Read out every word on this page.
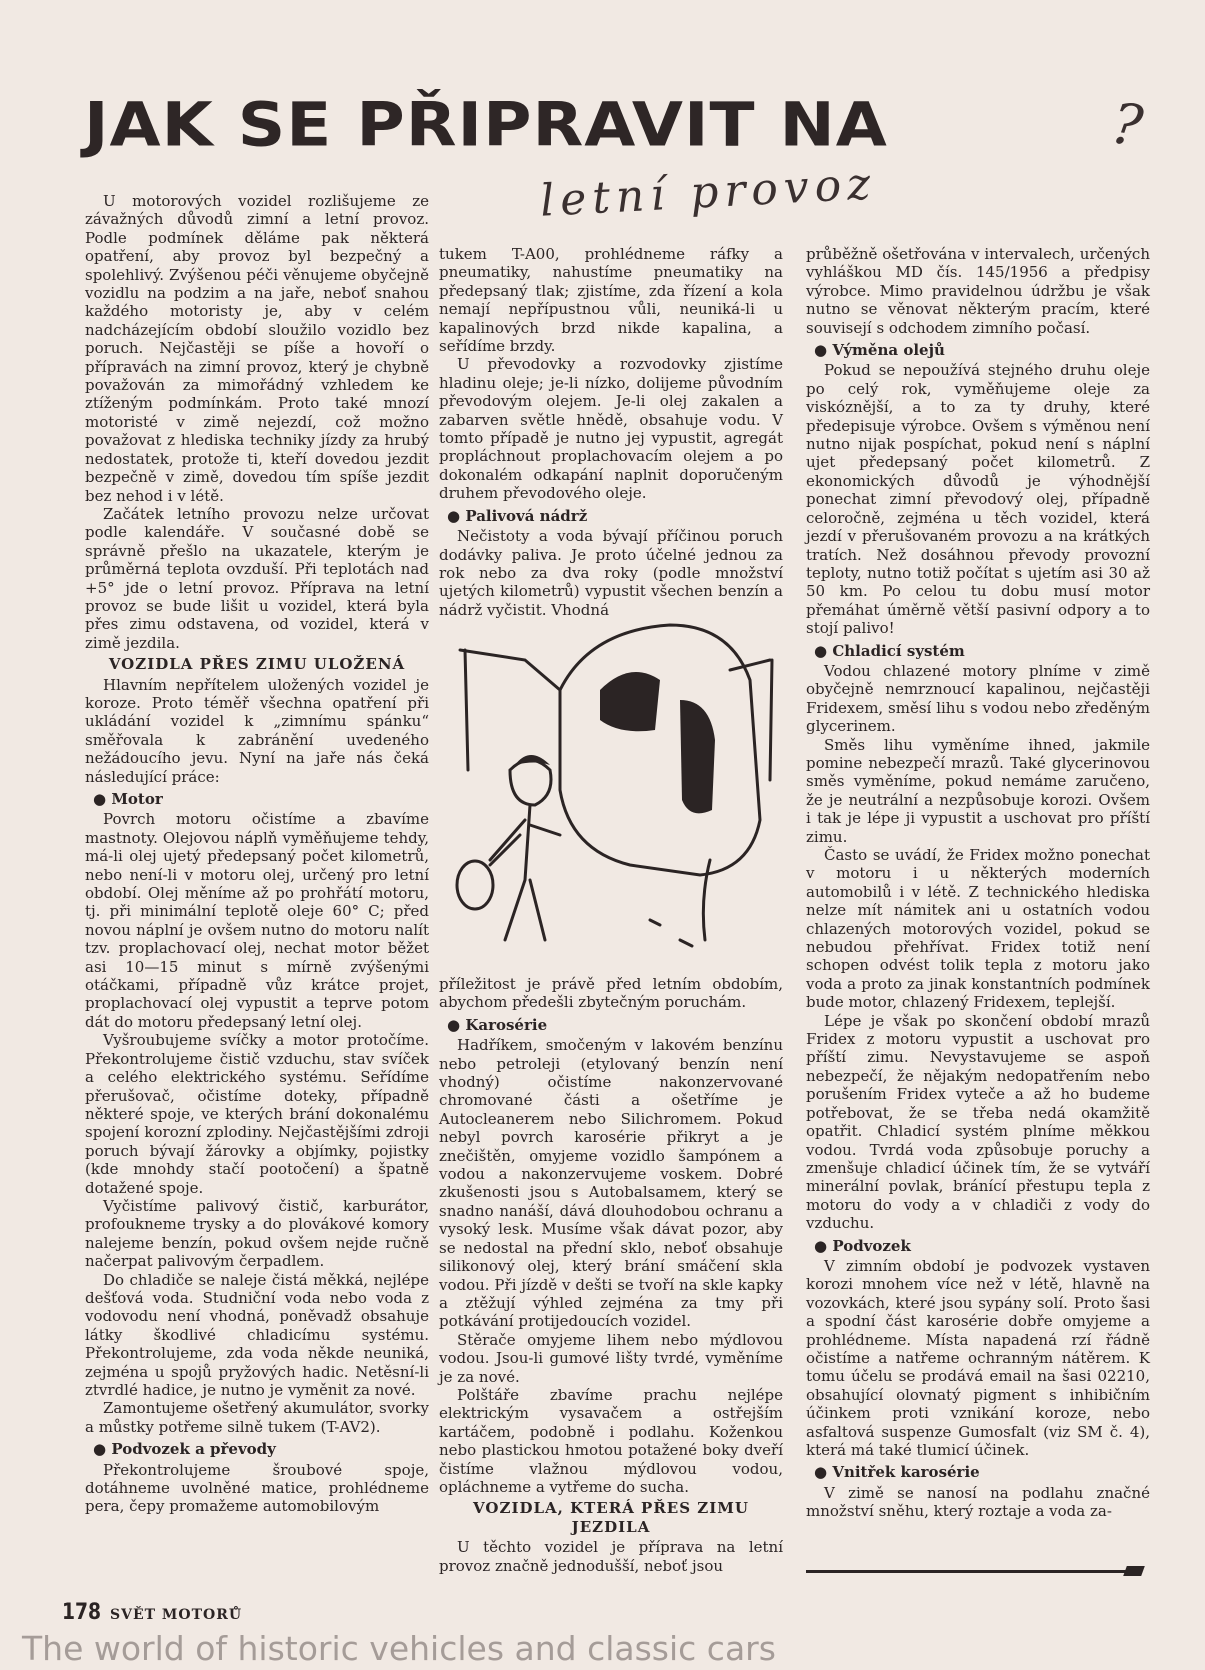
JAK SE PŘIPRAVIT NA
letní provoz
?

U motorových vozidel rozlišujeme ze závažných důvodů zimní a letní provoz. Podle podmínek děláme pak některá opatření, aby provoz byl bezpečný a spolehlivý. Zvýšenou péči věnujeme obyčejně vozidlu na podzim a na jaře, neboť snahou každého motoristy je, aby v celém nadcházejícím období sloužilo vozidlo bez poruch. Nejčastěji se píše a hovoří o přípravách na zimní provoz, který je chybně považován za mimořádný vzhledem ke ztíženým podmínkám. Proto také mnozí motoristé v zimě nejezdí, což možno považovat z hlediska techniky jízdy za hrubý nedostatek, protože ti, kteří dovedou jezdit bezpečně v zimě, dovedou tím spíše jezdit bez nehod i v létě.

Začátek letního provozu nelze určovat podle kalendáře. V současné době se správně přešlo na ukazatele, kterým je průměrná teplota ovzduší. Při teplotách nad +5° jde o letní provoz. Příprava na letní provoz se bude lišit u vozidel, která byla přes zimu odstavena, od vozidel, která v zimě jezdila.

VOZIDLA PŘES ZIMU ULOŽENÁ

Hlavním nepřítelem uložených vozidel je koroze. Proto téměř všechna opatření při ukládání vozidel k „zimnímu spánku“ směřovala k zabránění uvedeného nežádoucího jevu. Nyní na jaře nás čeká následující práce:

● Motor

Povrch motoru očistíme a zbavíme mastnoty. Olejovou náplň vyměňujeme tehdy, má-li olej ujetý předepsaný počet kilometrů, nebo není-li v motoru olej, určený pro letní období. Olej měníme až po prohřátí motoru, tj. při minimální teplotě oleje 60° C; před novou náplní je ovšem nutno do motoru nalít tzv. proplachovací olej, nechat motor běžet asi 10—15 minut s mírně zvýšenými otáčkami, případně vůz krátce projet, proplachovací olej vypustit a teprve potom dát do motoru předepsaný letní olej.

Vyšroubujeme svíčky a motor protočíme. Překontrolujeme čistič vzduchu, stav svíček a celého elektrického systému. Seřídíme přerušovač, očistíme doteky, případně některé spoje, ve kterých brání dokonalému spojení korozní zplodiny. Nejčastějšími zdroji poruch bývají žárovky a objímky, pojistky (kde mnohdy stačí pootočení) a špatně dotažené spoje.

Vyčistíme palivový čistič, karburátor, profoukneme trysky a do plovákové komory nalejeme benzín, pokud ovšem nejde ručně načerpat palivovým čerpadlem.

Do chladiče se naleje čistá měkká, nejlépe dešťová voda. Studniční voda nebo voda z vodovodu není vhodná, poněvadž obsahuje látky škodlivé chladicímu systému. Překontrolujeme, zda voda někde neuniká, zejména u spojů pryžových hadic. Netěsní-li ztvrdlé hadice, je nutno je vyměnit za nové.

Zamontujeme ošetřený akumulátor, svorky a můstky potřeme silně tukem (T-AV2).

● Podvozek a převody

Překontrolujeme šroubové spoje, dotáhneme uvolněné matice, prohlédneme pera, čepy promažeme automobilovým

tukem T-A00, prohlédneme ráfky a pneumatiky, nahustíme pneumatiky na předepsaný tlak; zjistíme, zda řízení a kola nemají nepřípustnou vůli, neuniká-li u kapalinových brzd nikde kapalina, a seřídíme brzdy.

U převodovky a rozvodovky zjistíme hladinu oleje; je-li nízko, dolijeme původním převodovým olejem. Je-li olej zakalen a zabarven světle hnědě, obsahuje vodu. V tomto případě je nutno jej vypustit, agregát propláchnout proplachovacím olejem a po dokonalém odkapání naplnit doporučeným druhem převodového oleje.

● Palivová nádrž

Nečistoty a voda bývají příčinou poruch dodávky paliva. Je proto účelné jednou za rok nebo za dva roky (podle množství ujetých kilometrů) vypustit všechen benzín a nádrž vyčistit. Vhodná

příležitost je právě před letním obdobím, abychom předešli zbytečným poruchám.

● Karosérie

Hadříkem, smočeným v lakovém benzínu nebo petroleji (etylovaný benzín není vhodný) očistíme nakonzervované chromované části a ošetříme je Autocleanerem nebo Silichromem. Pokud nebyl povrch karosérie přikryt a je znečištěn, omyjeme vozidlo šampónem a vodou a nakonzervujeme voskem. Dobré zkušenosti jsou s Autobalsamem, který se snadno nanáší, dává dlouhodobou ochranu a vysoký lesk. Musíme však dávat pozor, aby se nedostal na přední sklo, neboť obsahuje silikonový olej, který brání smáčení skla vodou. Při jízdě v dešti se tvoří na skle kapky a ztěžují výhled zejména za tmy při potkávání protijedoucích vozidel.

Stěrače omyjeme lihem nebo mýdlovou vodou. Jsou-li gumové lišty tvrdé, vyměníme je za nové.

Polštáře zbavíme prachu nejlépe elektrickým vysavačem a ostřejším kartáčem, podobně i podlahu. Koženkou nebo plastickou hmotou potažené boky dveří čistíme vlažnou mýdlovou vodou, opláchneme a vytřeme do sucha.

VOZIDLA, KTERÁ PŘES ZIMU JEZDILA

U těchto vozidel je příprava na letní provoz značně jednodušší, neboť jsou

průběžně ošetřována v intervalech, určených vyhláškou MD čís. 145/1956 a předpisy výrobce. Mimo pravidelnou údržbu je však nutno se věnovat některým pracím, které souvisejí s odchodem zimního počasí.

● Výměna olejů

Pokud se nepoužívá stejného druhu oleje po celý rok, vyměňujeme oleje za viskóznější, a to za ty druhy, které předepisuje výrobce. Ovšem s výměnou není nutno nijak pospíchat, pokud není s náplní ujet předepsaný počet kilometrů. Z ekonomických důvodů je výhodnější ponechat zimní převodový olej, případně celoročně, zejména u těch vozidel, která jezdí v přerušovaném provozu a na krátkých tratích. Než dosáhnou převody provozní teploty, nutno totiž počítat s ujetím asi 30 až 50 km. Po celou tu dobu musí motor přemáhat úměrně větší pasivní odpory a to stojí palivo!

● Chladicí systém

Vodou chlazené motory plníme v zimě obyčejně nemrznoucí kapalinou, nejčastěji Fridexem, směsí lihu s vodou nebo zředěným glycerinem.

Směs lihu vyměníme ihned, jakmile pomine nebezpečí mrazů. Také glycerinovou směs vyměníme, pokud nemáme zaručeno, že je neutrální a nezpůsobuje korozi. Ovšem i tak je lépe ji vypustit a uschovat pro příští zimu.

Často se uvádí, že Fridex možno ponechat v motoru i u některých moderních automobilů i v létě. Z technického hlediska nelze mít námitek ani u ostatních vodou chlazených motorových vozidel, pokud se nebudou přehřívat. Fridex totiž není schopen odvést tolik tepla z motoru jako voda a proto za jinak konstantních podmínek bude motor, chlazený Fridexem, teplejší.

Lépe je však po skončení období mrazů Fridex z motoru vypustit a uschovat pro příští zimu. Nevystavujeme se aspoň nebezpečí, že nějakým nedopatřením nebo porušením Fridex vyteče a až ho budeme potřebovat, že se třeba nedá okamžitě opatřit. Chladicí systém plníme měkkou vodou. Tvrdá voda způsobuje poruchy a zmenšuje chladicí účinek tím, že se vytváří minerální povlak, bránící přestupu tepla z motoru do vody a v chladiči z vody do vzduchu.

● Podvozek

V zimním období je podvozek vystaven korozi mnohem více než v létě, hlavně na vozovkách, které jsou sypány solí. Proto šasi a spodní část karosérie dobře omyjeme a prohlédneme. Místa napadená rzí řádně očistíme a natřeme ochranným nátěrem. K tomu účelu se prodává email na šasi 02210, obsahující olovnatý pigment s inhibičním účinkem proti vznikání koroze, nebo asfaltová suspenze Gumosfalt (viz SM č. 4), která má také tlumicí účinek.

● Vnitřek karosérie

V zimě se nanosí na podlahu značné množství sněhu, který roztaje a voda za-

178 SVĚT MOTORŮ
The world of historic vehicles and classic cars
